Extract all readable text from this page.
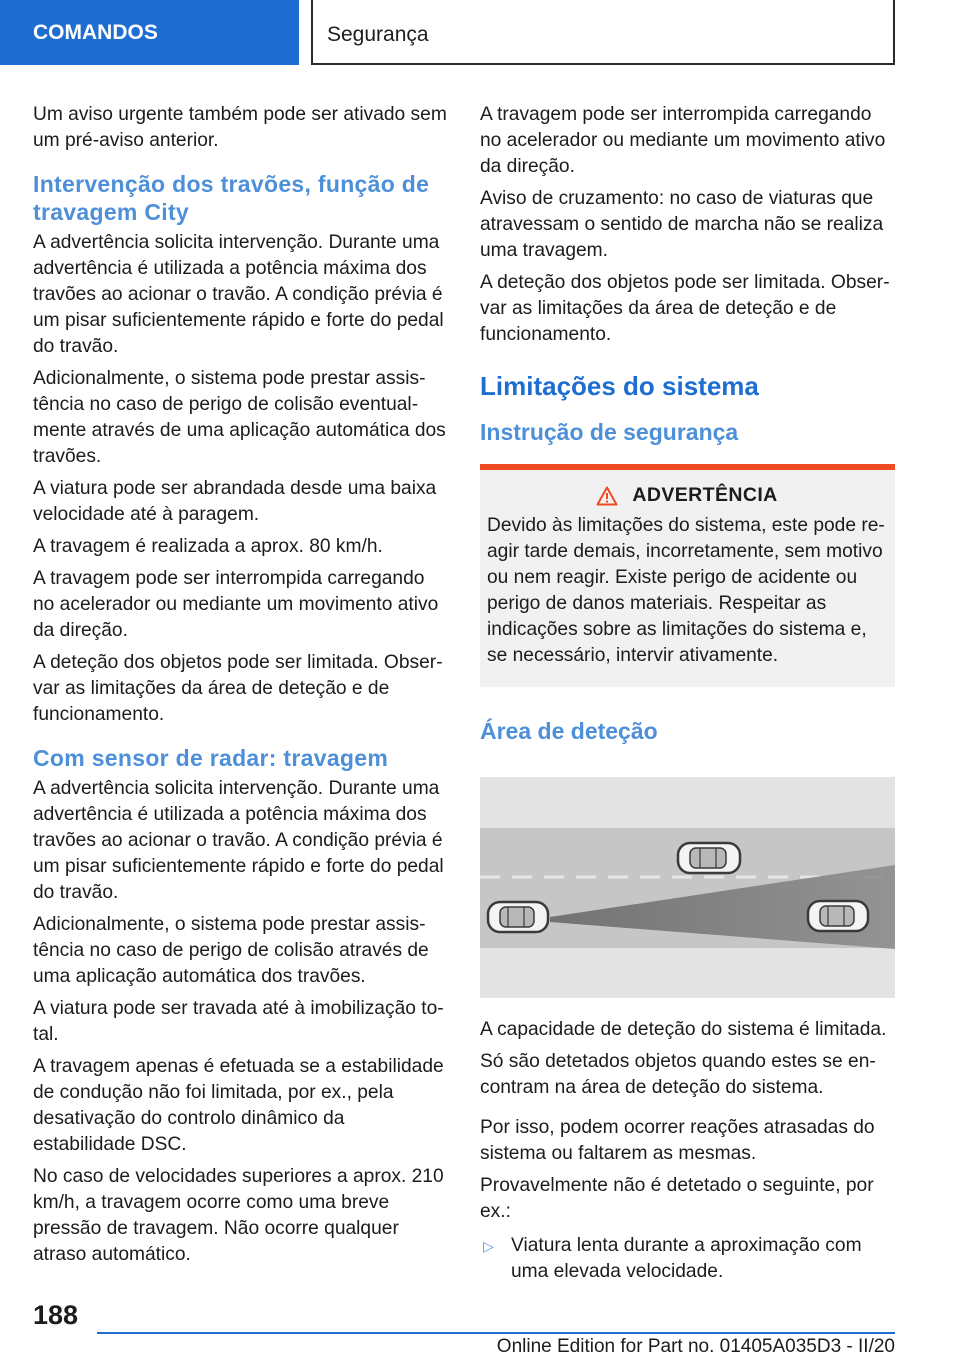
COMANDOS	Segurança

Um aviso urgente também pode ser ativado sem um pré-aviso anterior.

Intervenção dos travões, função de travagem City

A advertência solicita intervenção. Durante uma advertência é utilizada a potência máxima dos travões ao acionar o travão. A condição prévia é um pisar suficientemente rápido e forte do pedal do travão.

Adicionalmente, o sistema pode prestar assistência no caso de perigo de colisão eventualmente através de uma aplicação automática dos travões.

A viatura pode ser abrandada desde uma baixa velocidade até à paragem.

A travagem é realizada a aprox. 80 km/h.

A travagem pode ser interrompida carregando no acelerador ou mediante um movimento ativo da direção.

A deteção dos objetos pode ser limitada. Observar as limitações da área de deteção e de funcionamento.

Com sensor de radar: travagem

A advertência solicita intervenção. Durante uma advertência é utilizada a potência máxima dos travões ao acionar o travão. A condição prévia é um pisar suficientemente rápido e forte do pedal do travão.

Adicionalmente, o sistema pode prestar assistência no caso de perigo de colisão através de uma aplicação automática dos travões.

A viatura pode ser travada até à imobilização total.

A travagem apenas é efetuada se a estabilidade de condução não foi limitada, por ex., pela desativação do controlo dinâmico da estabilidade DSC.

No caso de velocidades superiores a aprox. 210 km/h, a travagem ocorre como uma breve pressão de travagem. Não ocorre qualquer atraso automático.

A travagem pode ser interrompida carregando no acelerador ou mediante um movimento ativo da direção.

Aviso de cruzamento: no caso de viaturas que atravessam o sentido de marcha não se realiza uma travagem.

A deteção dos objetos pode ser limitada. Observar as limitações da área de deteção e de funcionamento.

Limitações do sistema
Instrução de segurança
ADVERTÊNCIA

Devido às limitações do sistema, este pode reagir tarde demais, incorretamente, sem motivo ou nem reagir. Existe perigo de acidente ou perigo de danos materiais. Respeitar as indicações sobre as limitações do sistema e, se necessário, intervir ativamente.

Área de deteção

A capacidade de deteção do sistema é limitada.

Só são detetados objetos quando estes se encontram na área de deteção do sistema.

Por isso, podem ocorrer reações atrasadas do sistema ou faltarem as mesmas.

Provavelmente não é detetado o seguinte, por ex.:

▷ Viatura lenta durante a aproximação com uma elevada velocidade.
188
Online Edition for Part no. 01405A035D3 - II/20
